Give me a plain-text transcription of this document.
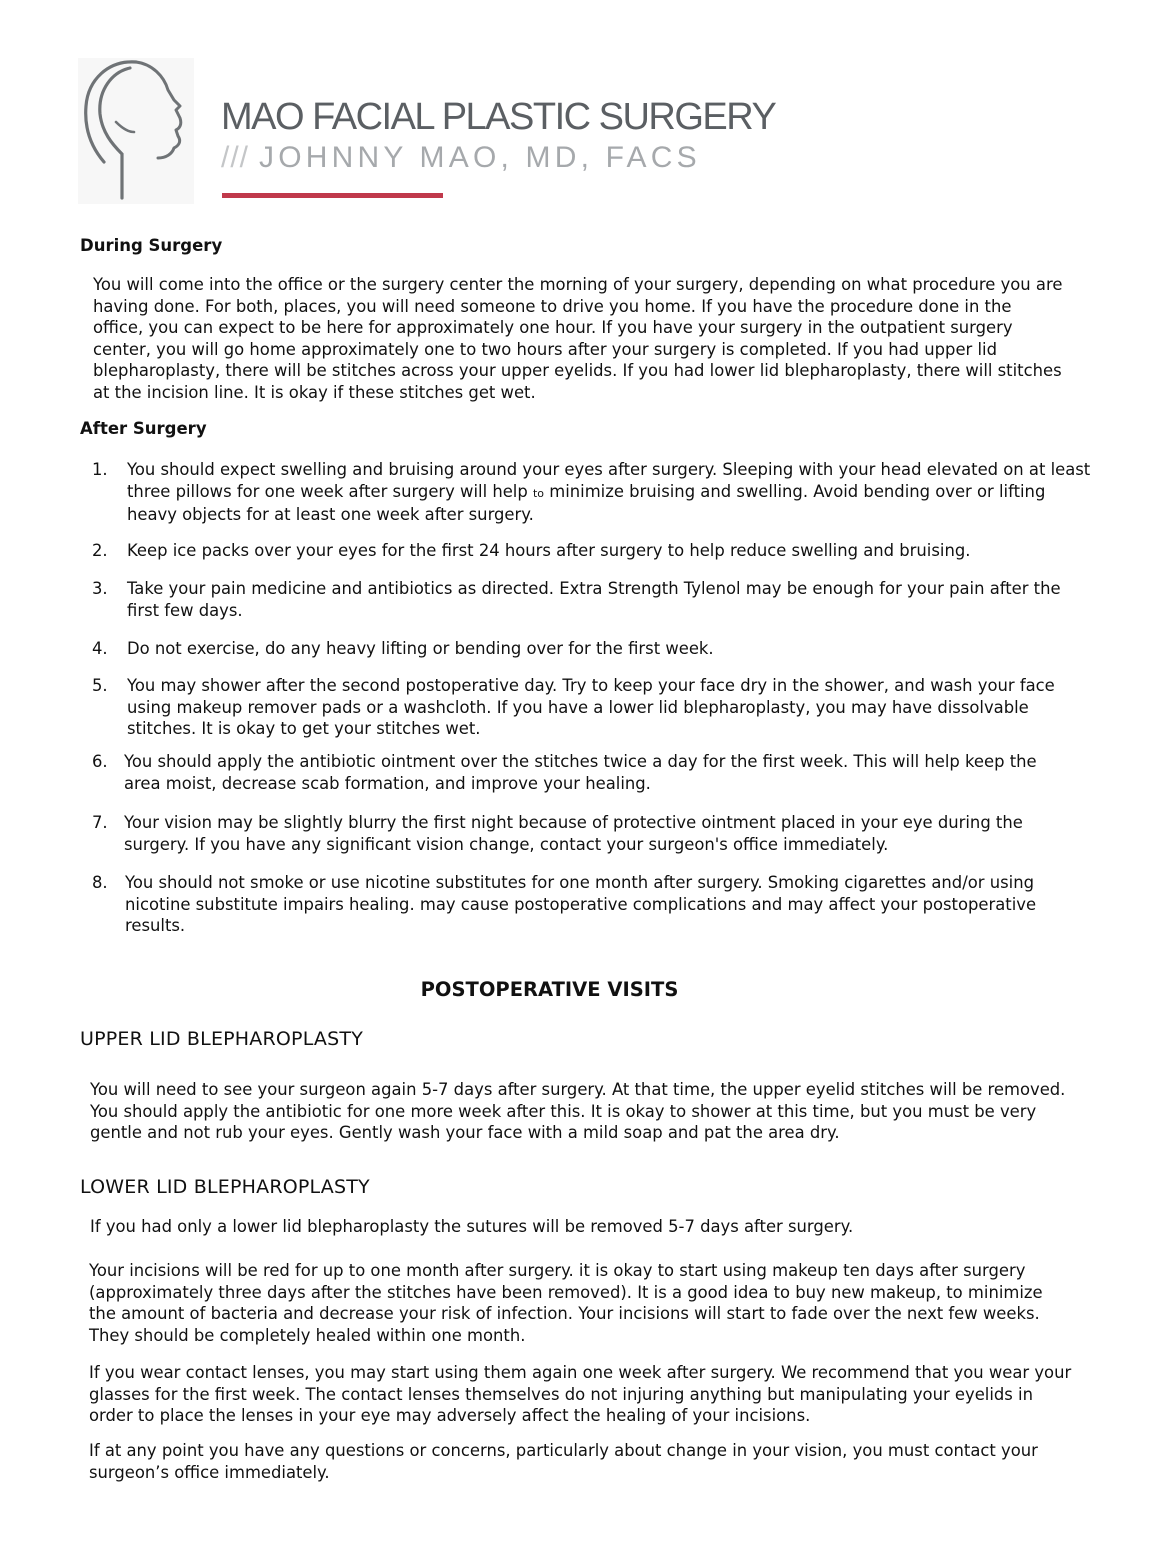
MAO FACIAL PLASTIC SURGERY
/// JOHNNY MAO, MD, FACS
During Surgery
You will come into the office or the surgery center the morning of your surgery, depending on what procedure you are
having done. For both, places, you will need someone to drive you home. If you have the procedure done in the
office, you can expect to be here for approximately one hour. If you have your surgery in the outpatient surgery
center, you will go home approximately one to two hours after your surgery is completed. If you had upper lid
blepharoplasty, there will be stitches across your upper eyelids. If you had lower lid blepharoplasty, there will stitches
at the incision line. It is okay if these stitches get wet.
After Surgery
1. You should expect swelling and bruising around your eyes after surgery. Sleeping with your head elevated on at least
three pillows for one week after surgery will help to minimize bruising and swelling. Avoid bending over or lifting
heavy objects for at least one week after surgery.
2. Keep ice packs over your eyes for the first 24 hours after surgery to help reduce swelling and bruising.
3. Take your pain medicine and antibiotics as directed. Extra Strength Tylenol may be enough for your pain after the
first few days.
4. Do not exercise, do any heavy lifting or bending over for the first week.
5. You may shower after the second postoperative day. Try to keep your face dry in the shower, and wash your face
using makeup remover pads or a washcloth. If you have a lower lid blepharoplasty, you may have dissolvable
stitches. It is okay to get your stitches wet.
6. You should apply the antibiotic ointment over the stitches twice a day for the first week. This will help keep the
area moist, decrease scab formation, and improve your healing.
7. Your vision may be slightly blurry the first night because of protective ointment placed in your eye during the
surgery. If you have any significant vision change, contact your surgeon's office immediately.
8. You should not smoke or use nicotine substitutes for one month after surgery. Smoking cigarettes and/or using
nicotine substitute impairs healing. may cause postoperative complications and may affect your postoperative
results.
POSTOPERATIVE VISITS
UPPER LID BLEPHAROPLASTY
You will need to see your surgeon again 5-7 days after surgery. At that time, the upper eyelid stitches will be removed.
You should apply the antibiotic for one more week after this. It is okay to shower at this time, but you must be very
gentle and not rub your eyes. Gently wash your face with a mild soap and pat the area dry.
LOWER LID BLEPHAROPLASTY
If you had only a lower lid blepharoplasty the sutures will be removed 5-7 days after surgery.
Your incisions will be red for up to one month after surgery. it is okay to start using makeup ten days after surgery
(approximately three days after the stitches have been removed). It is a good idea to buy new makeup, to minimize
the amount of bacteria and decrease your risk of infection. Your incisions will start to fade over the next few weeks.
They should be completely healed within one month.
If you wear contact lenses, you may start using them again one week after surgery. We recommend that you wear your
glasses for the first week. The contact lenses themselves do not injuring anything but manipulating your eyelids in
order to place the lenses in your eye may adversely affect the healing of your incisions.
If at any point you have any questions or concerns, particularly about change in your vision, you must contact your
surgeon’s office immediately.
